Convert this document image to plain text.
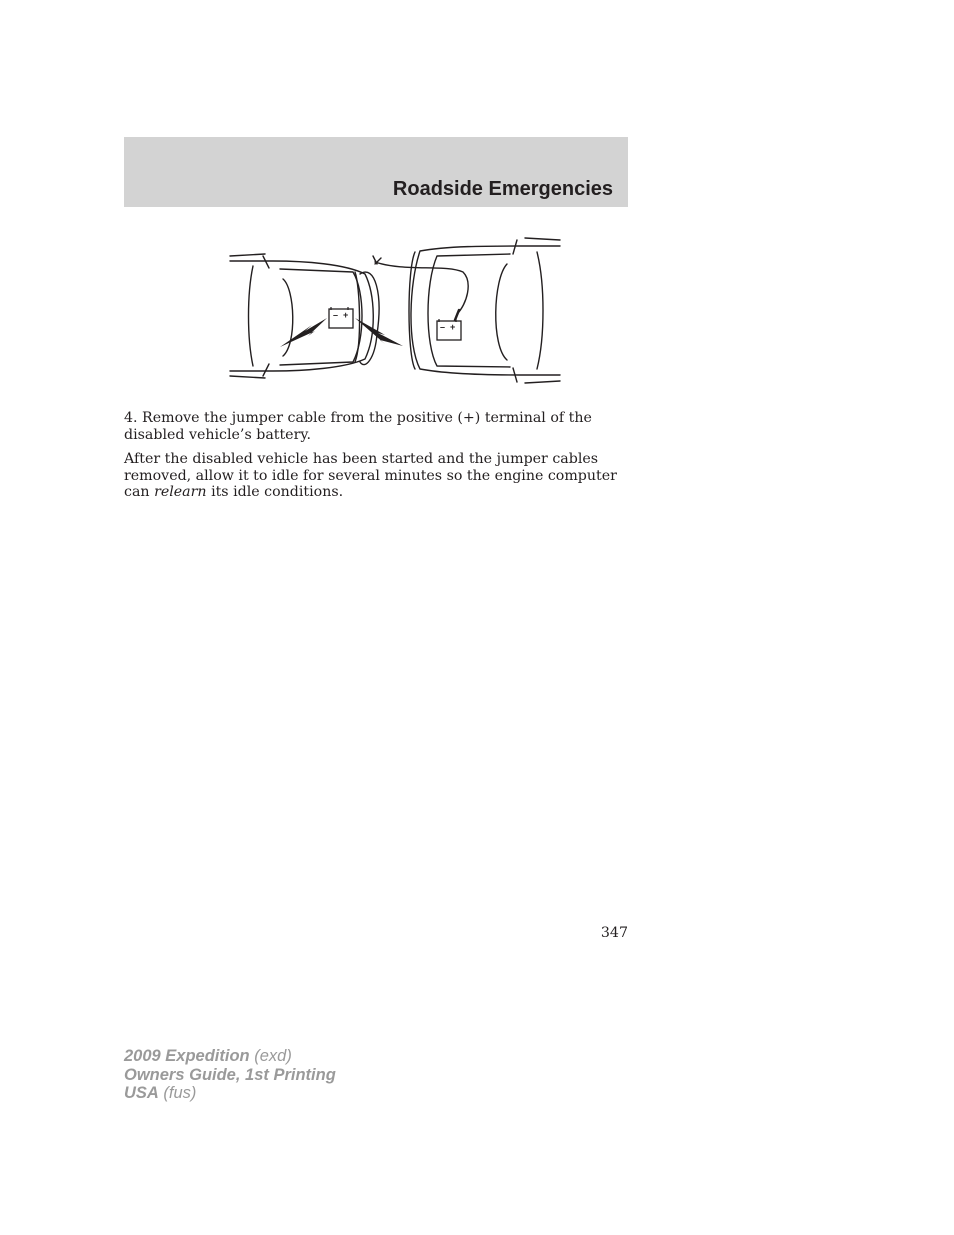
Roadside Emergencies
– +
– +

4. Remove the jumper cable from the positive (+) terminal of the disabled vehicle’s battery.

After the disabled vehicle has been started and the jumper cables removed, allow it to idle for several minutes so the engine computer can relearn its idle conditions.

347
2009 Expedition (exd)
Owners Guide, 1st Printing
USA (fus)
